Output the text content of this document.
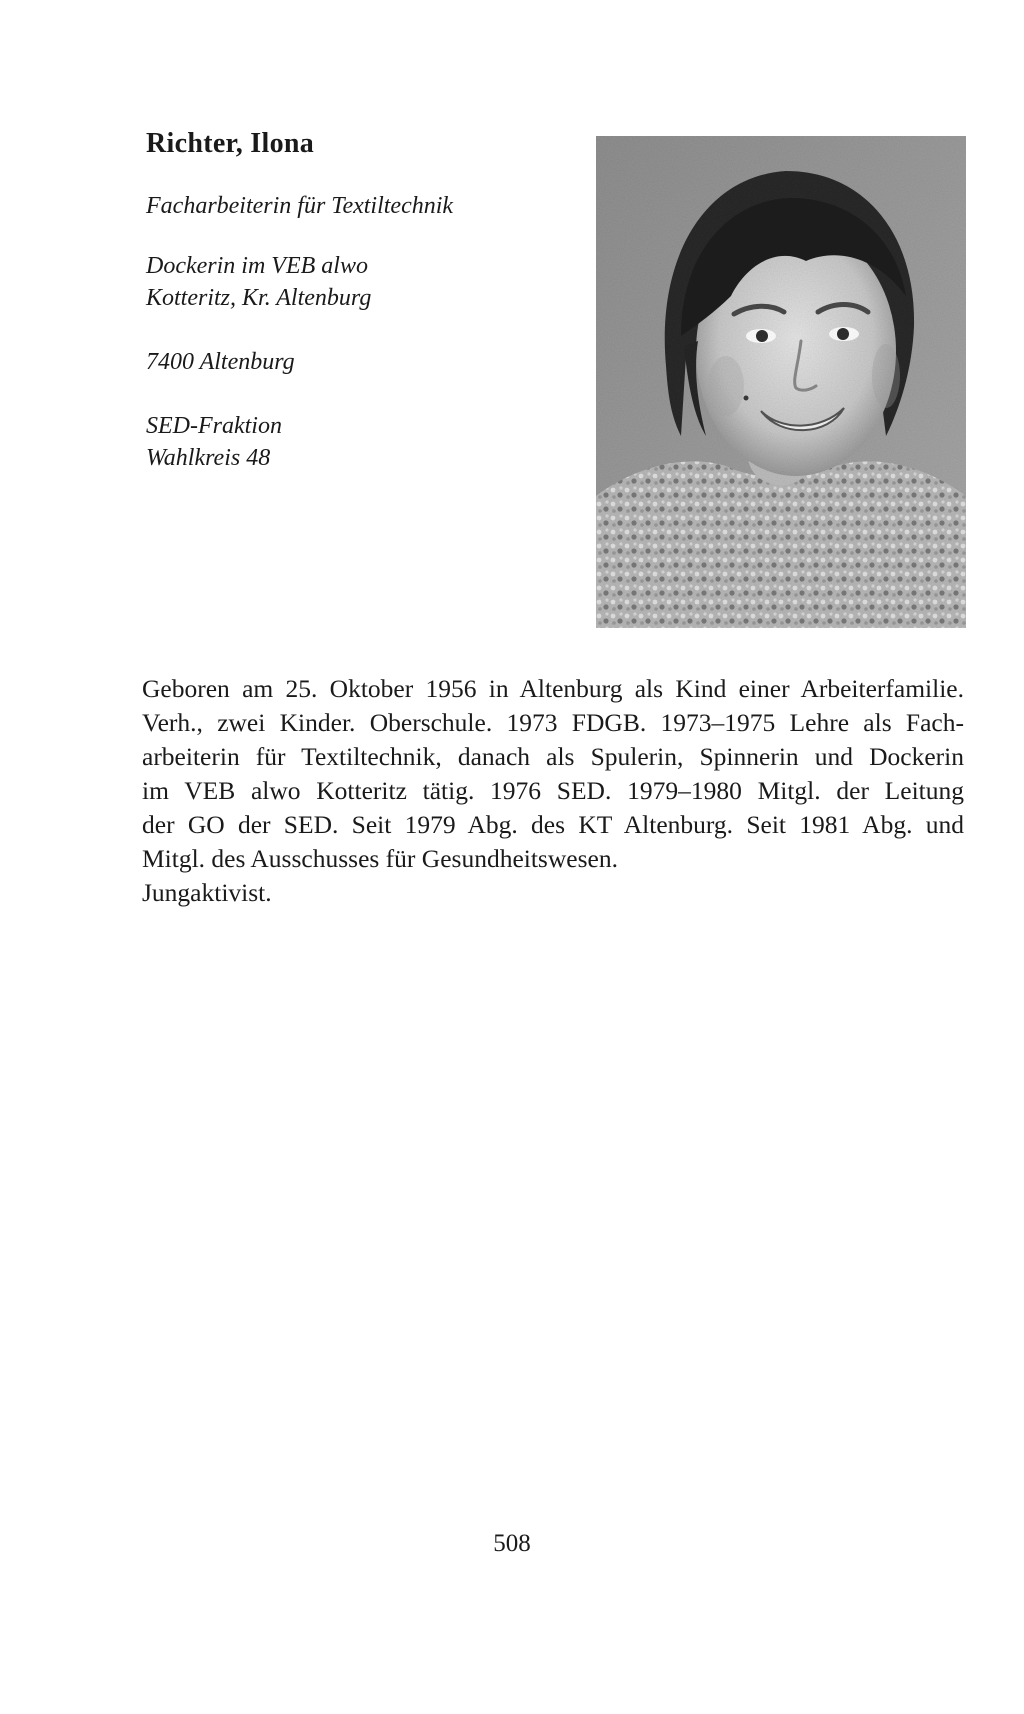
Richter, Ilona

Facharbeiterin für Textiltechnik

Dockerin im VEB alwo

Kotteritz, Kr. Altenburg

7400 Altenburg

SED-Fraktion

Wahlkreis 48

Geboren am 25. Oktober 1956 in Altenburg als Kind einer Arbeiterfamilie.
Verh., zwei Kinder. Oberschule. 1973 FDGB. 1973–1975 Lehre als Fach-
arbeiterin für Textiltechnik, danach als Spulerin, Spinnerin und Dockerin
im VEB alwo Kotteritz tätig. 1976 SED. 1979–1980 Mitgl. der Leitung
der GO der SED. Seit 1979 Abg. des KT Altenburg. Seit 1981 Abg. und
Mitgl. des Ausschusses für Gesundheitswesen.
Jungaktivist.

508
